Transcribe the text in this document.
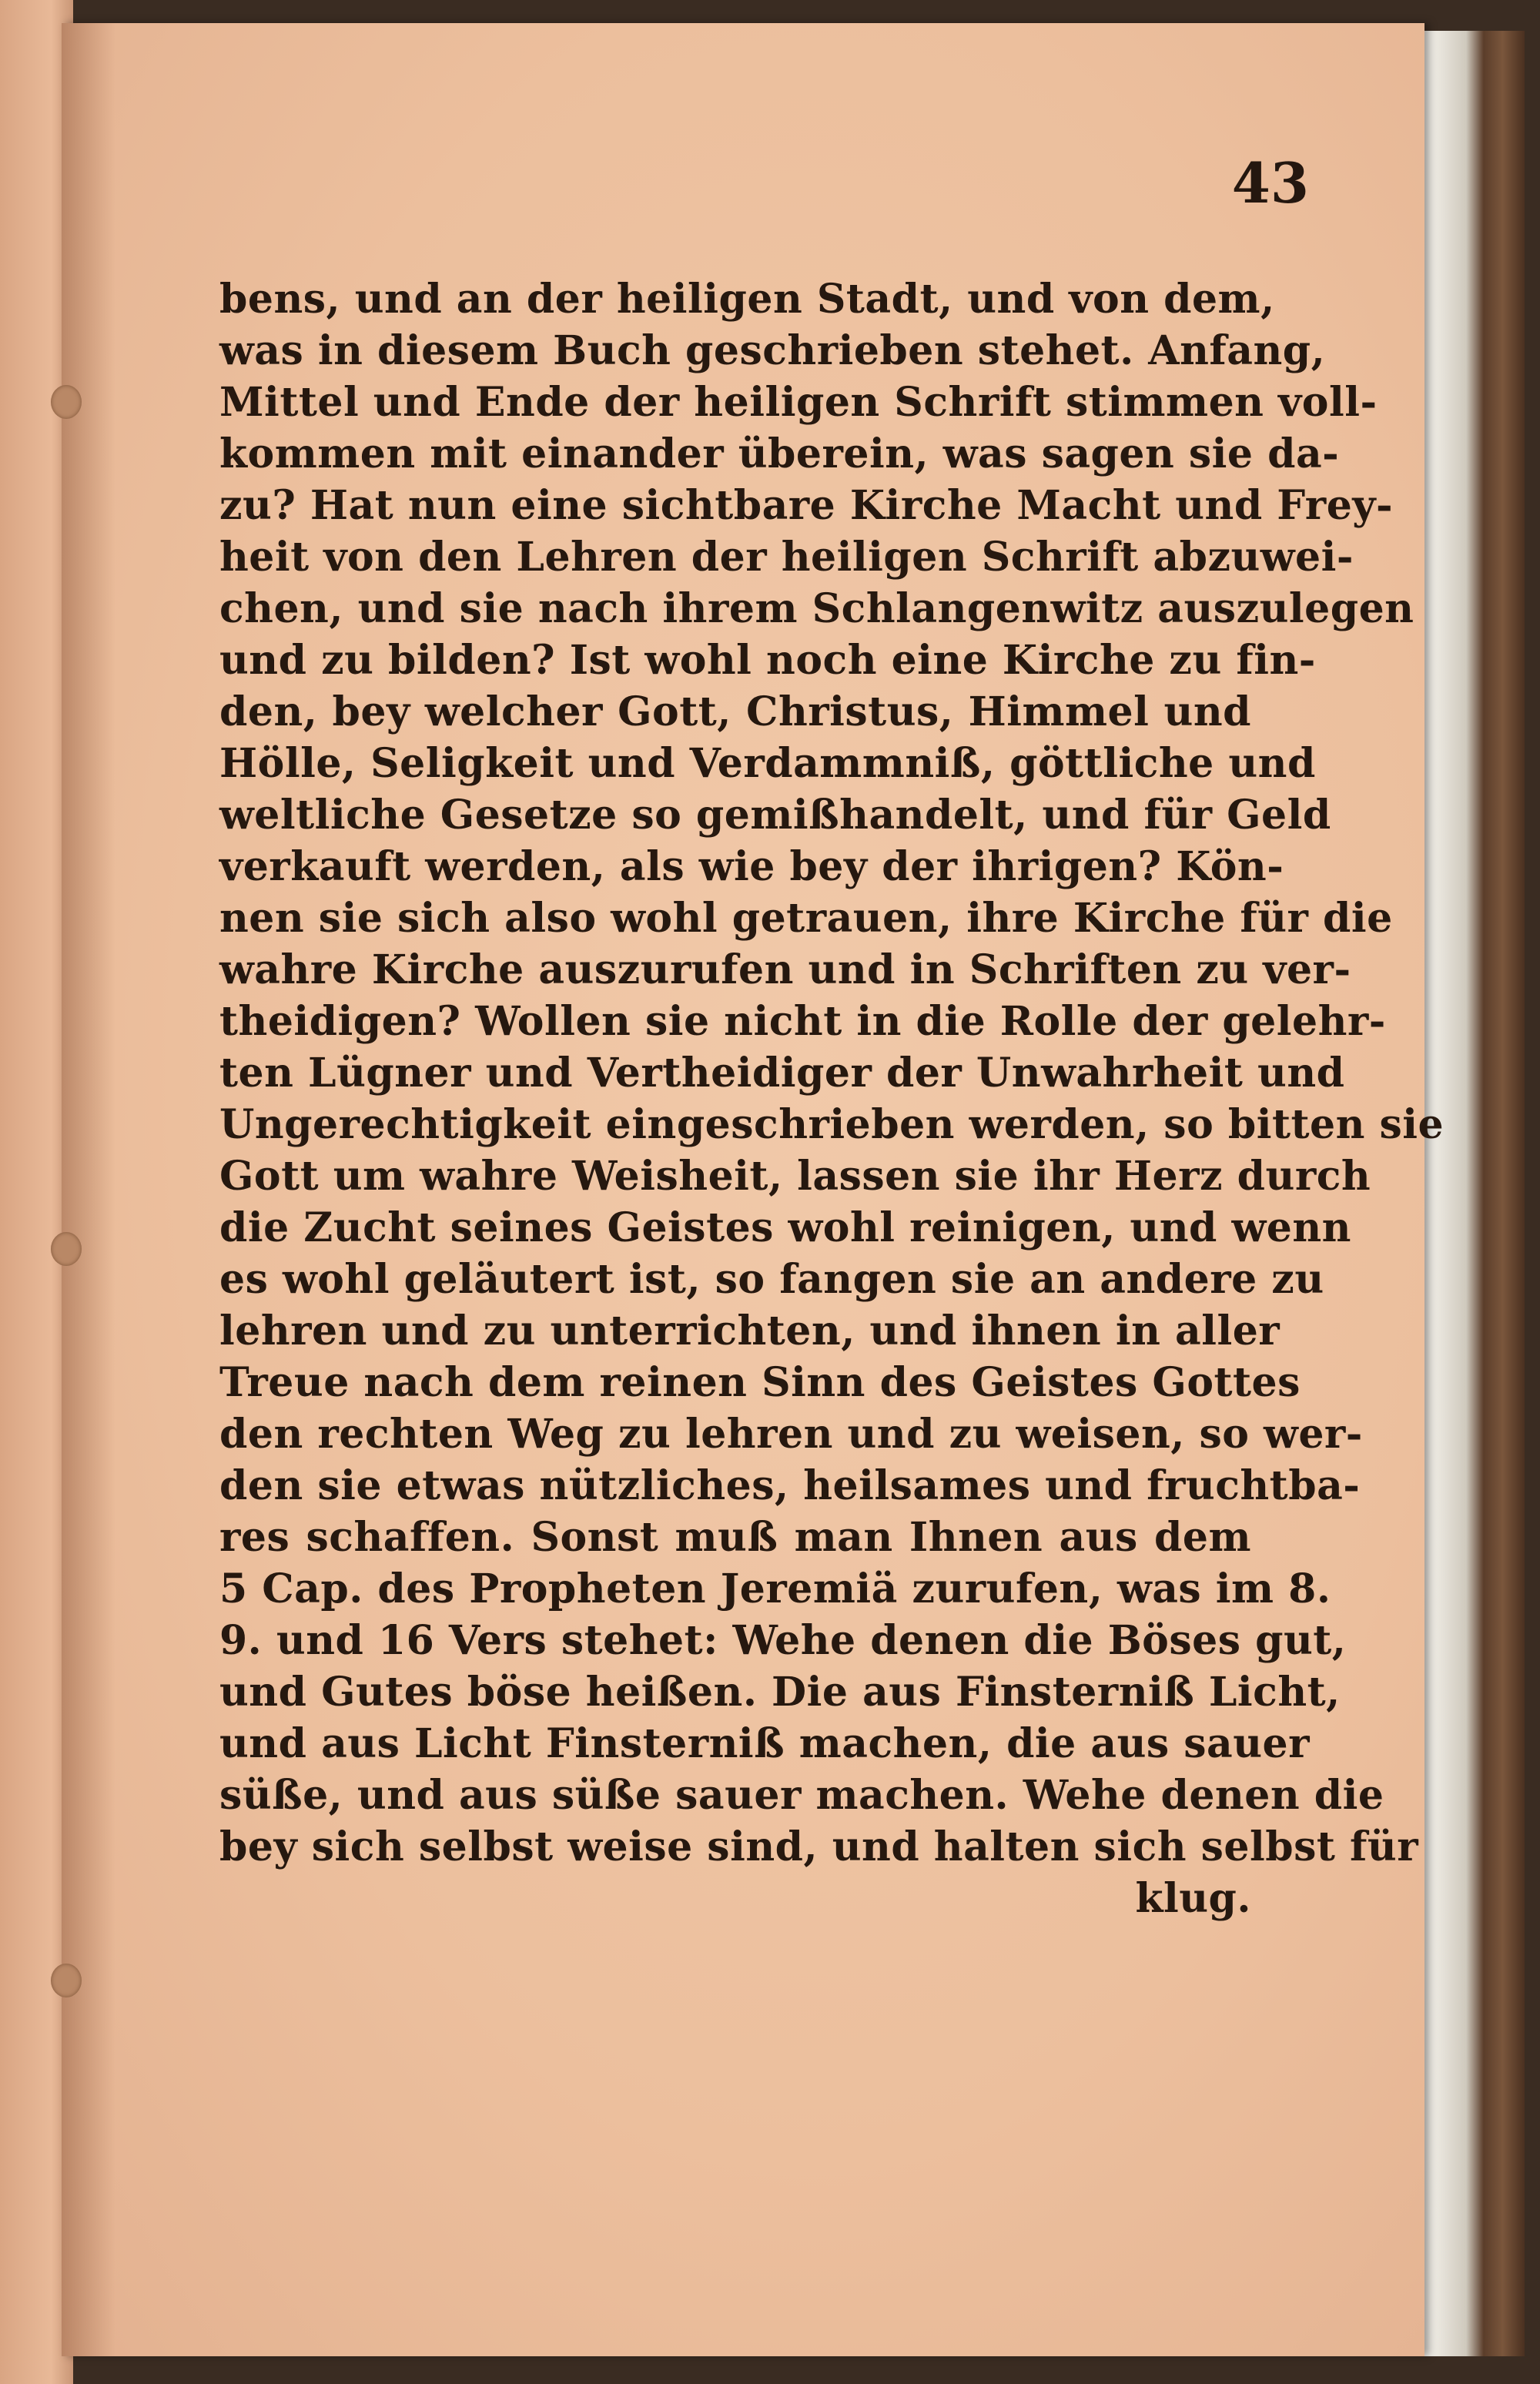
43
bens, und an der heiligen Stadt, und von dem,
was in diesem Buch geschrieben stehet. Anfang,
Mittel und Ende der heiligen Schrift stimmen voll-
kommen mit einander überein, was sagen sie da-
zu? Hat nun eine sichtbare Kirche Macht und Frey-
heit von den Lehren der heiligen Schrift abzuwei-
chen, und sie nach ihrem Schlangenwitz auszulegen
und zu bilden? Ist wohl noch eine Kirche zu fin-
den, bey welcher Gott, Christus, Himmel und
Hölle, Seligkeit und Verdammniß, göttliche und
weltliche Gesetze so gemißhandelt, und für Geld
verkauft werden, als wie bey der ihrigen? Kön-
nen sie sich also wohl getrauen, ihre Kirche für die
wahre Kirche auszurufen und in Schriften zu ver-
theidigen? Wollen sie nicht in die Rolle der gelehr-
ten Lügner und Vertheidiger der Unwahrheit und
Ungerechtigkeit eingeschrieben werden, so bitten sie
Gott um wahre Weisheit, lassen sie ihr Herz durch
die Zucht seines Geistes wohl reinigen, und wenn
es wohl geläutert ist, so fangen sie an andere zu
lehren und zu unterrichten, und ihnen in aller
Treue nach dem reinen Sinn des Geistes Gottes
den rechten Weg zu lehren und zu weisen, so wer-
den sie etwas nützliches, heilsames und fruchtba-
res schaffen. Sonst muß man Ihnen aus dem
5 Cap. des Propheten Jeremiä zurufen, was im 8.
9. und 16 Vers stehet: Wehe denen die Böses gut,
und Gutes böse heißen. Die aus Finsterniß Licht,
und aus Licht Finsterniß machen, die aus sauer
süße, und aus süße sauer machen. Wehe denen die
bey sich selbst weise sind, und halten sich selbst für
klug.
